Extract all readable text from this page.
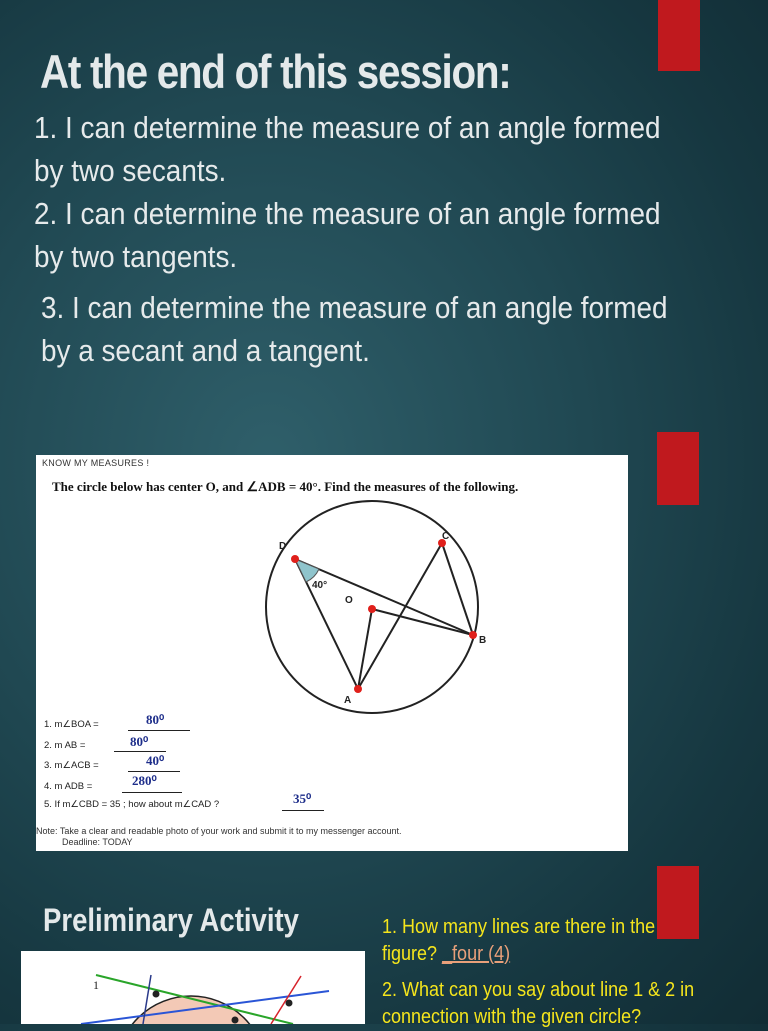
At the end of this session:
1. I can determine the measure of an angle formed
by two secants.
2. I can determine the measure of an angle formed
by two tangents.
3. I can determine the measure of an angle formed
by a secant and a tangent.
KNOW MY MEASURES !
The circle below has center O, and ∠ADB = 40°. Find the measures of the following.
D
C
O
B
A
40°
1. m∠BOA =	80⁰
2. m AB =	80⁰
3. m∠ACB =	40⁰
4. m ADB =	280⁰
5. If m∠CBD = 35 ; how about m∠CAD ?	35⁰
Note: Take a clear and readable photo of your work and submit it to my messenger account.
Deadline: TODAY
Preliminary Activity	1. How many lines are there in the
figure? _four (4)
2. What can you say about line 1 & 2 in
connection with the given circle?
1
